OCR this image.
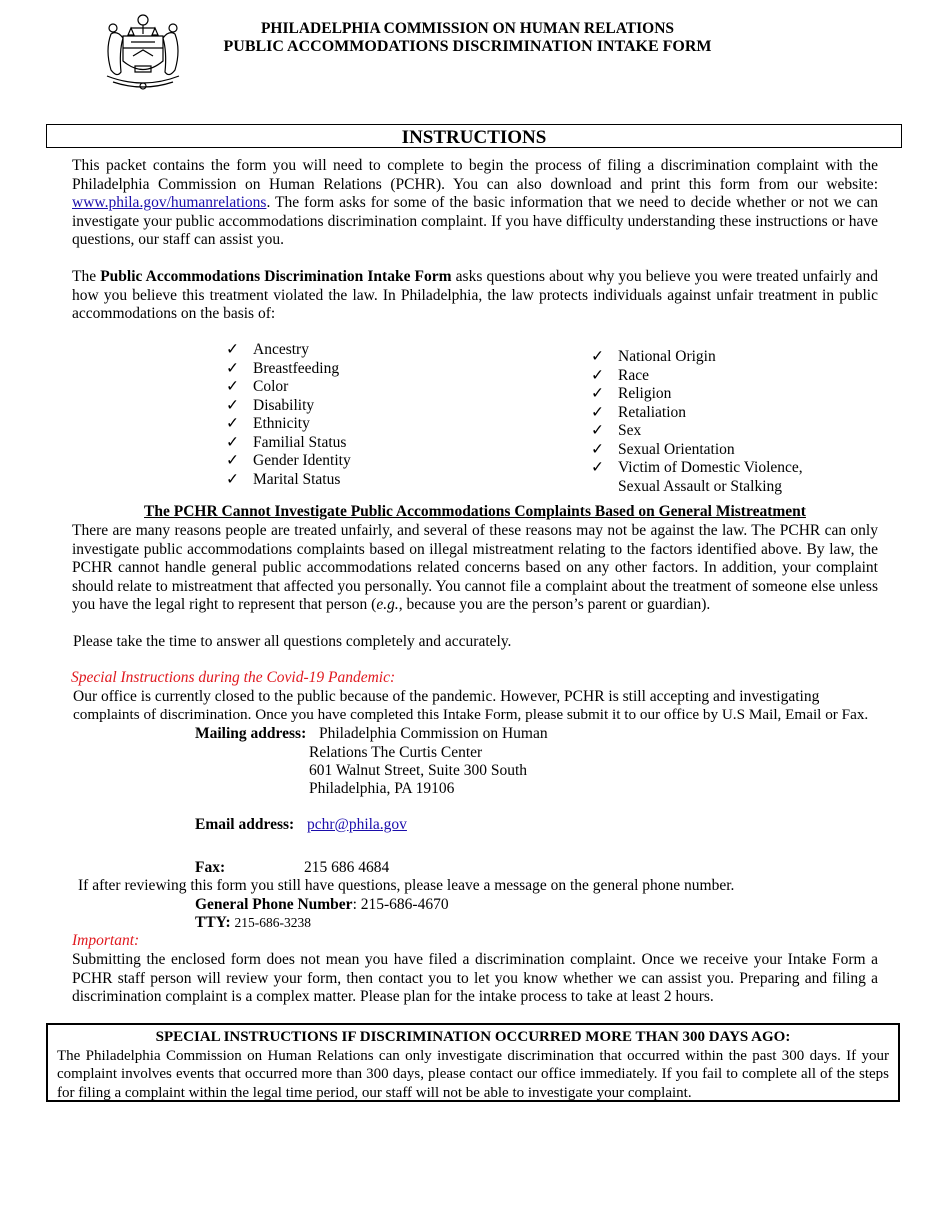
PHILADELPHIA COMMISSION ON HUMAN RELATIONS
PUBLIC ACCOMMODATIONS DISCRIMINATION INTAKE FORM
INSTRUCTIONS

This packet contains the form you will need to complete to begin the process of filing a discrimination complaint with the Philadelphia Commission on Human Relations (PCHR). You can also download and print this form from our website: www.phila.gov/humanrelations. The form asks for some of the basic information that we need to decide whether or not we can investigate your public accommodations discrimination complaint. If you have difficulty understanding these instructions or have questions, our staff can assist you.

The Public Accommodations Discrimination Intake Form asks questions about why you believe you were treated unfairly and how you believe this treatment violated the law. In Philadelphia, the law protects individuals against unfair treatment in public accommodations on the basis of:

✓ Ancestry
✓ Breastfeeding
✓ Color
✓ Disability
✓ Ethnicity
✓ Familial Status
✓ Gender Identity
✓ Marital Status
✓ National Origin
✓ Race
✓ Religion
✓ Retaliation
✓ Sex
✓ Sexual Orientation
✓ Victim of Domestic Violence,
Sexual Assault or Stalking
The PCHR Cannot Investigate Public Accommodations Complaints Based on General Mistreatment

There are many reasons people are treated unfairly, and several of these reasons may not be against the law. The PCHR can only investigate public accommodations complaints based on illegal mistreatment relating to the factors identified above. By law, the PCHR cannot handle general public accommodations related concerns based on any other factors. In addition, your complaint should relate to mistreatment that affected you personally. You cannot file a complaint about the treatment of someone else unless you have the legal right to represent that person (e.g., because you are the person’s parent or guardian).

Please take the time to answer all questions completely and accurately.
Special Instructions during the Covid-19 Pandemic:
Our office is currently closed to the public because of the pandemic. However, PCHR is still accepting and investigating
complaints of discrimination. Once you have completed this Intake Form, please submit it to our office by U.S Mail, Email or Fax.
Mailing address: Philadelphia Commission on Human
Relations The Curtis Center
601 Walnut Street, Suite 300 South
Philadelphia, PA 19106
Email address: pchr@phila.gov
Fax:	215 686 4684
If after reviewing this form you still have questions, please leave a message on the general phone number.
General Phone Number: 215-686-4670
TTY: 215-686-3238
Important:

Submitting the enclosed form does not mean you have filed a discrimination complaint. Once we receive your Intake Form a PCHR staff person will review your form, then contact you to let you know whether we can assist you. Preparing and filing a discrimination complaint is a complex matter. Please plan for the intake process to take at least 2 hours.

SPECIAL INSTRUCTIONS IF DISCRIMINATION OCCURRED MORE THAN 300 DAYS AGO:
The Philadelphia Commission on Human Relations can only investigate discrimination that occurred within the past 300 days. If your complaint involves events that occurred more than 300 days, please contact our office immediately. If you fail to complete all of the steps for filing a complaint within the legal time period, our staff will not be able to investigate your complaint.
